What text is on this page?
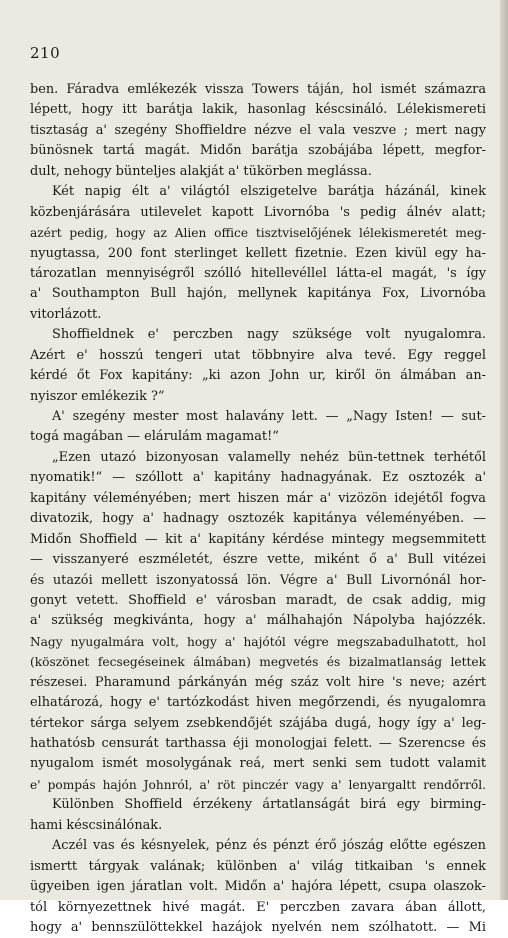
210
ben. Fáradva emlékezék vissza Towers táján, hol ismét számazra
lépett, hogy itt barátja lakik, hasonlag késcsináló. Lélekismereti
tisztaság a' szegény Shoffieldre nézve el vala veszve ; mert nagy
bünösnek tartá magát. Midőn barátja szobájába lépett, megfor-
dult, nehogy bünteljes alakját a' tükörben meglássa.
Két napig élt a' világtól elszigetelve barátja házánál, kinek
közbenjárására utilevelet kapott Livornóba 's pedig álnév alatt;
azért pedig, hogy az Alien office tisztviselőjének lélekismeretét meg-
nyugtassa, 200 font sterlinget kellett fizetnie. Ezen kivül egy ha-
tározatlan mennyiségről szólló hitellevéllel látta-el magát, 's így
a' Southampton Bull hajón, mellynek kapitánya Fox, Livornóba
vitorlázott.
Shoffieldnek e' perczben nagy szüksége volt nyugalomra.
Azért e' hosszú tengeri utat többnyire alva tevé. Egy reggel
kérdé őt Fox kapitány: „ki azon John ur, kiről ön álmában an-
nyiszor emlékezik ?“
A' szegény mester most halavány lett. — „Nagy Isten! — sut-
togá magában — elárulám magamat!“
„Ezen utazó bizonyosan valamelly nehéz bün-tettnek terhétől
nyomatik!“ — szóllott a' kapitány hadnagyának. Ez osztozék a'
kapitány véleményében; mert hiszen már a' vizözön idejétől fogva
divatozik, hogy a' hadnagy osztozék kapitánya véleményében. —
Midőn Shoffield — kit a' kapitány kérdése mintegy megsemmitett
— visszanyeré eszméletét, észre vette, miként ő a' Bull vitézei
és utazói mellett iszonyatossá lön. Végre a' Bull Livornónál hor-
gonyt vetett. Shoffield e' városban maradt, de csak addig, mig
a' szükség megkivánta, hogy a' málhahajón Nápolyba hajózzék.
Nagy nyugalmára volt, hogy a' hajótól végre megszabadulhatott, hol
(köszönet fecsegéseinek álmában) megvetés és bizalmatlanság lettek
részesei. Pharamund párkányán még száz volt hire 's neve; azért
elhatározá, hogy e' tartózkodást hiven megőrzendi, és nyugalomra
tértekor sárga selyem zsebkendőjét szájába dugá, hogy így a' leg-
hathatósb censurát tarthassa éji monologjai felett. — Szerencse és
nyugalom ismét mosolygának reá, mert senki sem tudott valamit
e' pompás hajón Johnról, a' röt pinczér vagy a' lenyargaltt rendőrről.
Különben Shoffield érzékeny ártatlanságát birá egy birming-
hami késcsinálónak.
Aczél vas és késnyelek, pénz és pénzt érő jószág előtte egészen
ismertt tárgyak valának; különben a' világ titkaiban 's ennek
ügyeiben igen járatlan volt. Midőn a' hajóra lépett, csupa olaszok-
tól környezettnek hivé magát. E' perczben zavara ában állott,
hogy a' bennszülöttekkel hazájok nyelvén nem szólhatott. — Mi
